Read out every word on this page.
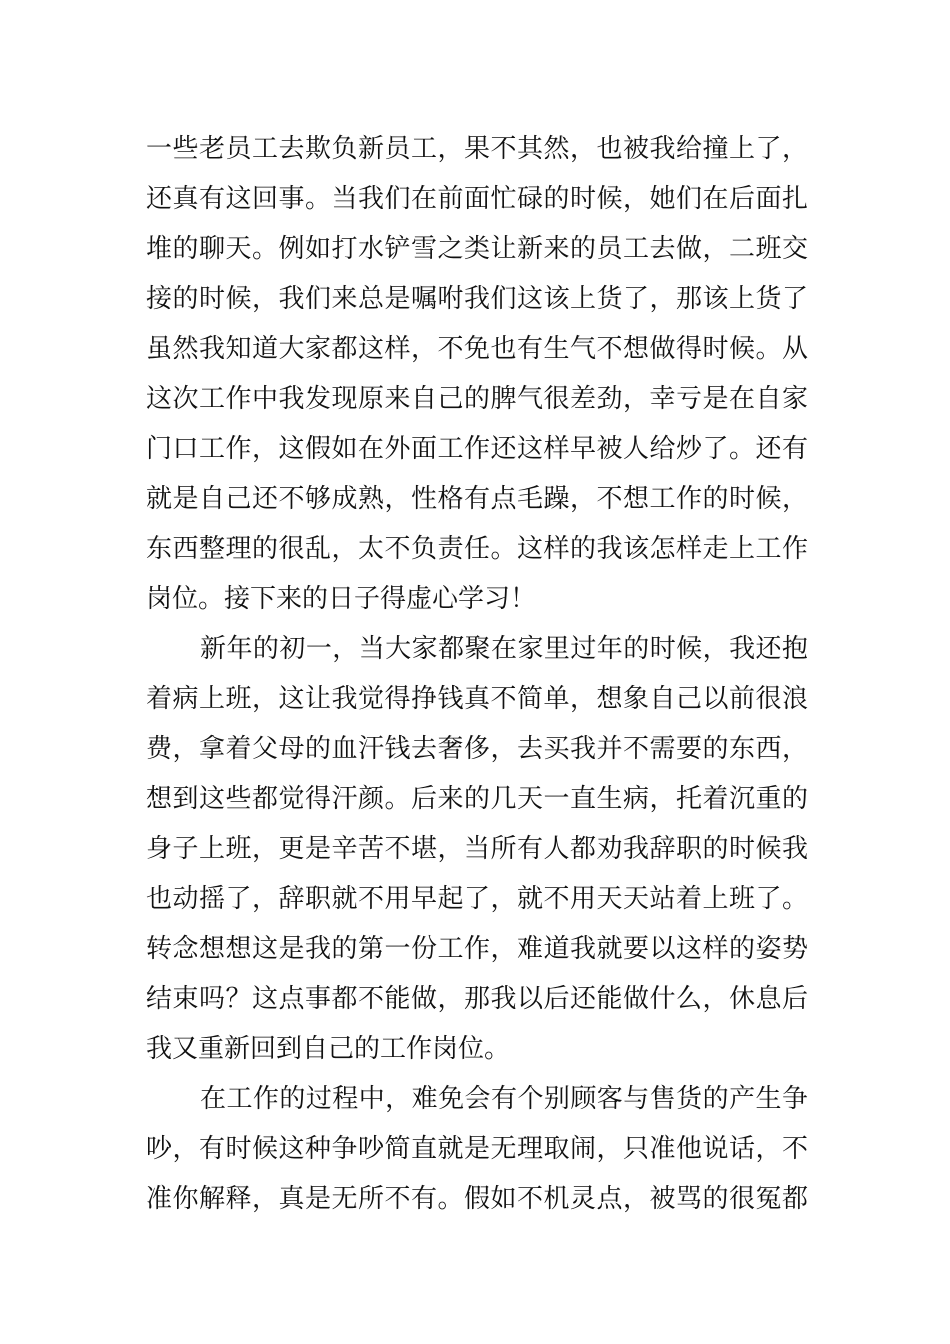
一些老员工去欺负新员工，果不其然，也被我给撞上了，
还真有这回事。当我们在前面忙碌的时候，她们在后面扎
堆的聊天。例如打水铲雪之类让新来的员工去做，二班交
接的时候，我们来总是嘱咐我们这该上货了，那该上货了
虽然我知道大家都这样，不免也有生气不想做得时候。从
这次工作中我发现原来自己的脾气很差劲，幸亏是在自家
门口工作，这假如在外面工作还这样早被人给炒了。还有
就是自己还不够成熟，性格有点毛躁，不想工作的时候，
东西整理的很乱，太不负责任。这样的我该怎样走上工作
岗位。接下来的日子得虚心学习！
新年的初一，当大家都聚在家里过年的时候，我还抱
着病上班，这让我觉得挣钱真不简单，想象自己以前很浪
费，拿着父母的血汗钱去奢侈，去买我并不需要的东西，
想到这些都觉得汗颜。后来的几天一直生病，托着沉重的
身子上班，更是辛苦不堪，当所有人都劝我辞职的时候我
也动摇了，辞职就不用早起了，就不用天天站着上班了。
转念想想这是我的第一份工作，难道我就要以这样的姿势
结束吗？这点事都不能做，那我以后还能做什么，休息后
我又重新回到自己的工作岗位。
在工作的过程中，难免会有个别顾客与售货的产生争
吵，有时候这种争吵简直就是无理取闹，只准他说话，不
准你解释，真是无所不有。假如不机灵点，被骂的很冤都
